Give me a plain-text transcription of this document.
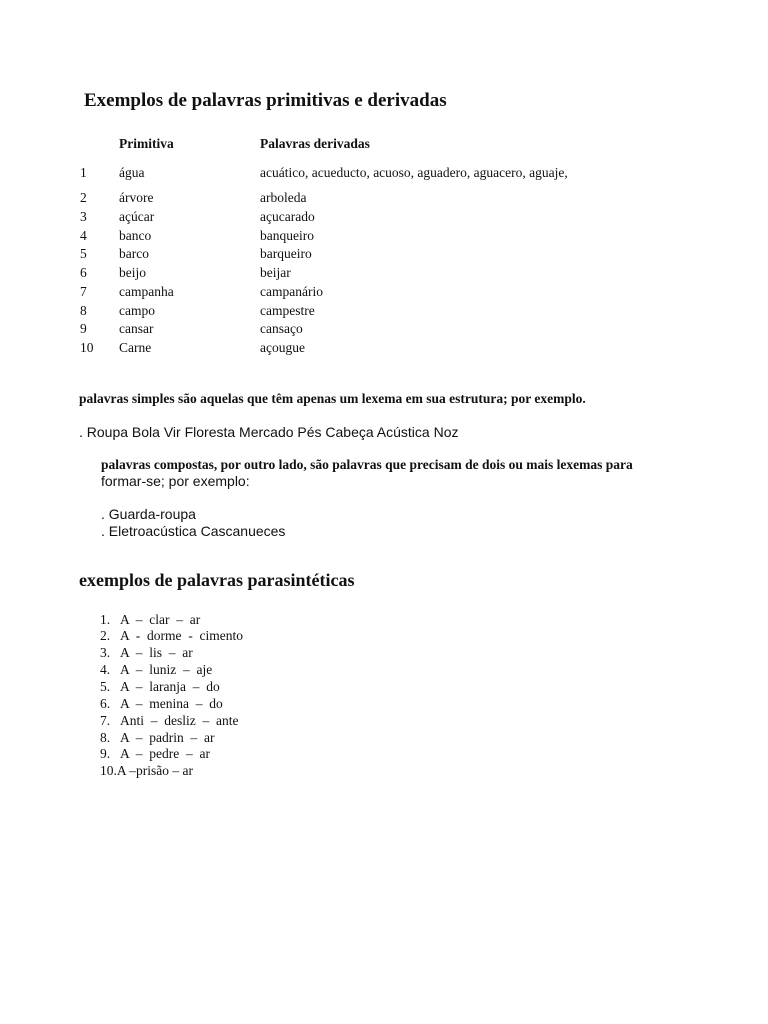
Exemplos de palavras primitivas e derivadas
Primitiva	Palavras derivadas
1 água	acuático, acueducto, acuoso, aguadero, aguacero, aguaje,
2 árvore	arboleda
3 açúcar	açucarado
4 banco	banqueiro
5 barco	barqueiro
6 beijo	beijar
7 campanha	campanário
8 campo	campestre
9 cansar	cansaço
10 Carne	açougue
palavras simples são aquelas que têm apenas um lexema em sua estrutura; por exemplo.
. Roupa Bola Vir Floresta Mercado Pés Cabeça Acústica Noz
palavras compostas, por outro lado, são palavras que precisam de dois ou mais lexemas para
formar-se; por exemplo:
. Guarda-roupa
. Eletroacústica Cascanueces
exemplos de palavras parasintéticas
1. A  –  clar  –  ar
2. A  -  dorme  -  cimento
3. A  –  lis  –  ar
4. A  –  luniz  –  aje
5. A  –  laranja  –  do
6. A  –  menina  –  do
7. Anti  –  desliz  –  ante
8. A  –  padrin  –  ar
9. A  –  pedre  –  ar
10.A –prisão – ar
